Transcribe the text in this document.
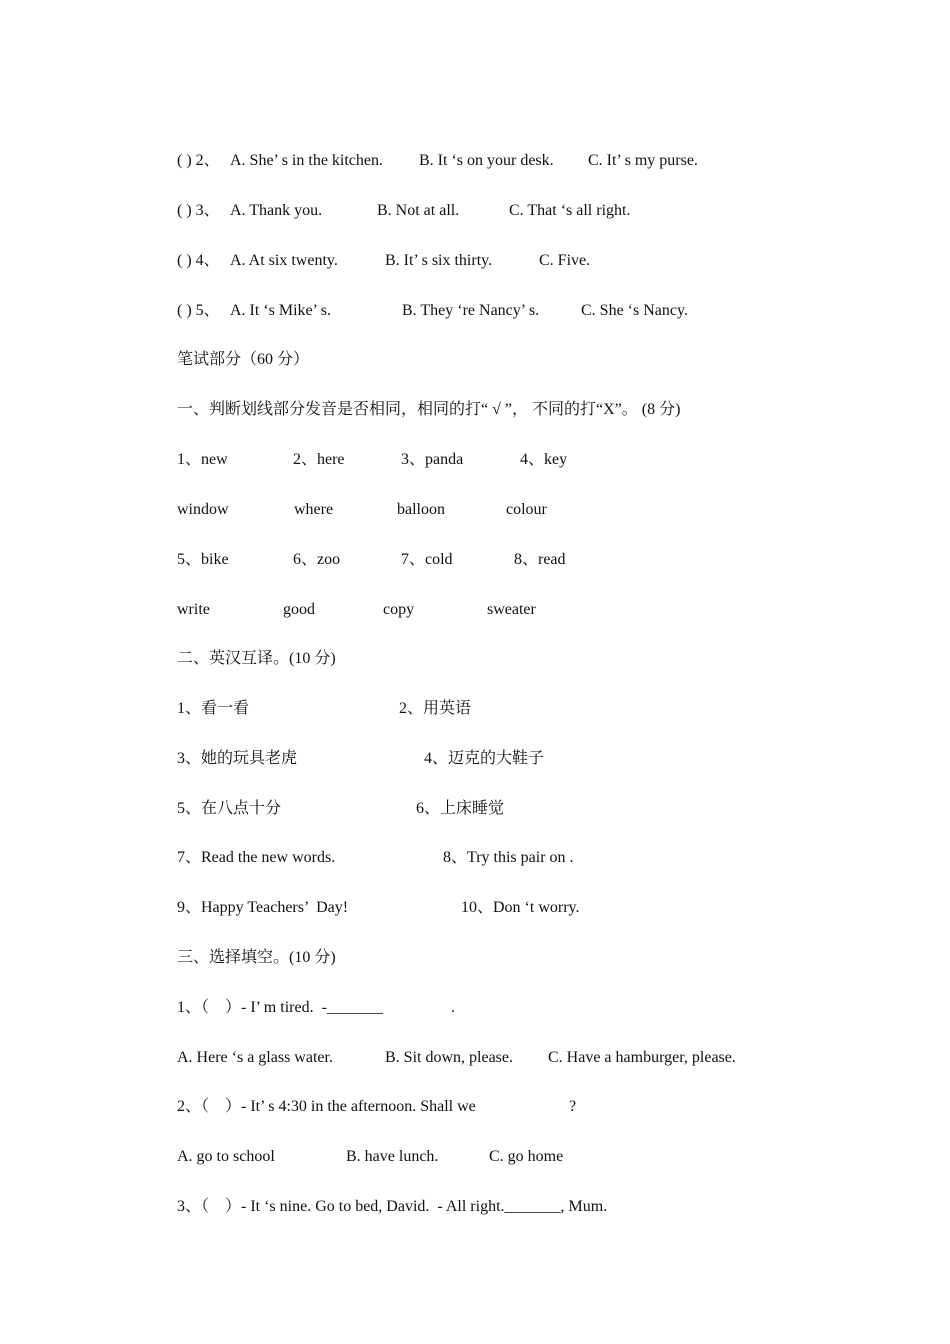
( ) 2、

A. She’ s in the kitchen.

B. It ‘s on your desk.

C. It’ s my purse.

( ) 3、

A. Thank you.

	B. Not at all.

	C. That ‘s all right.

( ) 4、

A. At six twenty.

	B. It’ s six thirty.

	C. Five.

( ) 5、

A. It ‘s Mike’ s.

	B. They ‘re Nancy’ s.

	C. She ‘s Nancy.

笔试部分（60 分）
一、判断划线部分发音是否相同，相同的打“ √ ”， 不同的打“X”。 (8 分)

1、new

	2、here

	3、panda

	4、key

window

	where

	balloon

	colour

5、bike

	6、zoo

	7、cold

	8、read

write

	good

	copy

	sweater

二、英汉互译。(10 分)

1、看一看

	2、用英语

3、她的玩具老虎

	4、迈克的大鞋子

5、在八点十分

	6、上床睡觉

7、Read the new words.

	8、Try this pair on .

9、Happy Teachers’  Day!

	10、Don ‘t worry.

三、选择填空。(10 分)

1、（    ）- I’ m tired.  -_______

	.

A. Here ‘s a glass water.

	B. Sit down, please.

C. Have a hamburger, please.

2、（    ）- It’ s 4:30 in the afternoon. Shall we

	?

A. go to school

	B. have lunch.

	C. go home

3、（    ）- It ‘s nine. Go to bed, David.  - All right._______, Mum.
